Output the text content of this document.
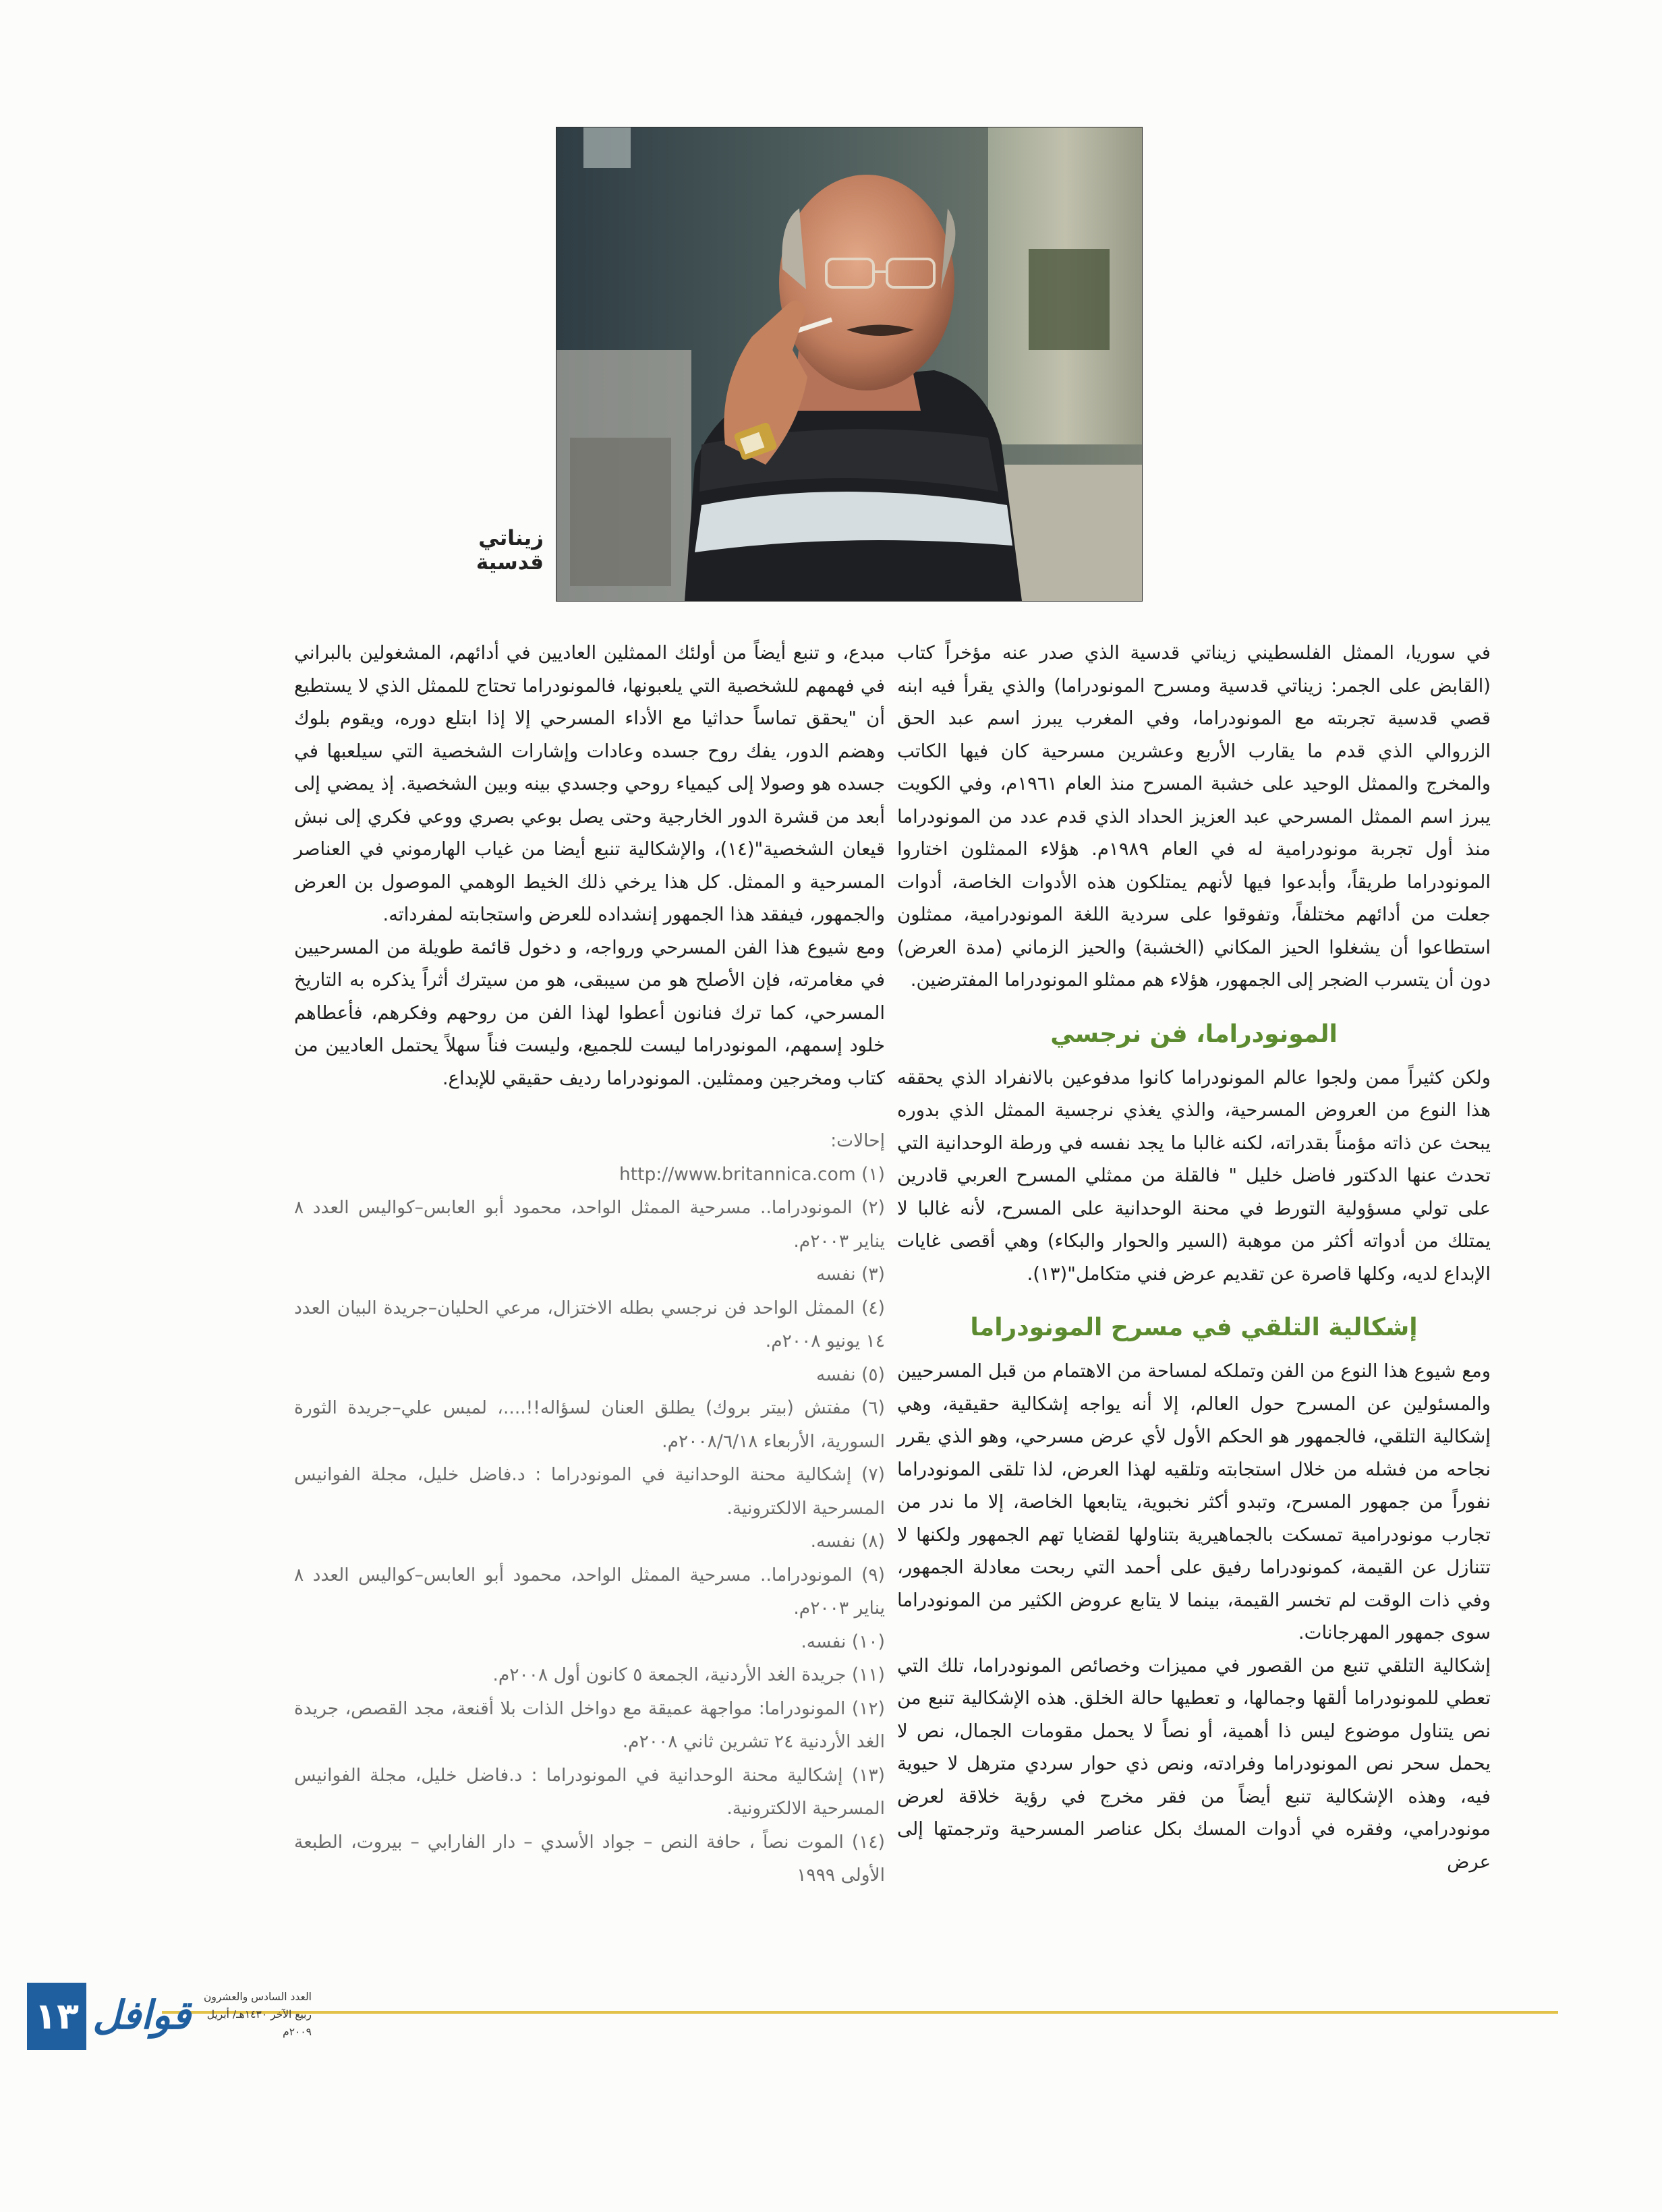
زيناتي قدسية

في سوريا، الممثل الفلسطيني زيناتي قدسية الذي صدر عنه مؤخراً كتاب (القابض على الجمر: زيناتي قدسية ومسرح المونودراما) والذي يقرأ فيه ابنه قصي قدسية تجربته مع المونودراما، وفي المغرب يبرز اسم عبد الحق الزروالي الذي قدم ما يقارب الأربع وعشرين مسرحية كان فيها الكاتب والمخرج والممثل الوحيد على خشبة المسرح منذ العام ١٩٦١م، وفي الكويت يبرز اسم الممثل المسرحي عبد العزيز الحداد الذي قدم عدد من المونودراما منذ أول تجربة مونودرامية له في العام ١٩٨٩م. هؤلاء الممثلون اختاروا المونودراما طريقاً، وأبدعوا فيها لأنهم يمتلكون هذه الأدوات الخاصة، أدوات جعلت من أدائهم مختلفاً، وتفوقوا على سردية اللغة المونودرامية، ممثلون استطاعوا أن يشغلوا الحيز المكاني (الخشبة) والحيز الزماني (مدة العرض) دون أن يتسرب الضجر إلى الجمهور، هؤلاء هم ممثلو المونودراما المفترضين.

المونودراما، فن نرجسي

ولكن كثيراً ممن ولجوا عالم المونودراما كانوا مدفوعين بالانفراد الذي يحققه هذا النوع من العروض المسرحية، والذي يغذي نرجسية الممثل الذي بدوره يبحث عن ذاته مؤمناً بقدراته، لكنه غالبا ما يجد نفسه في ورطة الوحدانية التي تحدث عنها الدكتور فاضل خليل " فالقلة من ممثلي المسرح العربي قادرين على تولي مسؤولية التورط في محنة الوحدانية على المسرح، لأنه غالبا لا يمتلك من أدواته أكثر من موهبة (السير والحوار والبكاء) وهي أقصى غايات الإبداع لديه، وكلها قاصرة عن تقديم عرض فني متكامل"(١٣).

إشكالية التلقي في مسرح المونودراما

ومع شيوع هذا النوع من الفن وتملكه لمساحة من الاهتمام من قبل المسرحيين والمسئولين عن المسرح حول العالم، إلا أنه يواجه إشكالية حقيقية، وهي إشكالية التلقي، فالجمهور هو الحكم الأول لأي عرض مسرحي، وهو الذي يقرر نجاحه من فشله من خلال استجابته وتلقيه لهذا العرض، لذا تلقى المونودراما نفوراً من جمهور المسرح، وتبدو أكثر نخبوية، يتابعها الخاصة، إلا ما ندر من تجارب مونودرامية تمسكت بالجماهيرية بتناولها لقضايا تهم الجمهور ولكنها لا تتنازل عن القيمة، كمونودراما رفيق على أحمد التي ربحت معادلة الجمهور، وفي ذات الوقت لم تخسر القيمة، بينما لا يتابع عروض الكثير من المونودراما سوى جمهور المهرجانات.

إشكالية التلقي تنبع من القصور في مميزات وخصائص المونودراما، تلك التي تعطي للمونودراما ألقها وجمالها، و تعطيها حالة الخلق. هذه الإشكالية تنبع من نص يتناول موضوع ليس ذا أهمية، أو نصاً لا يحمل مقومات الجمال، نص لا يحمل سحر نص المونودراما وفرادته، ونص ذي حوار سردي مترهل لا حيوية فيه، وهذه الإشكالية تنبع أيضاً من فقر مخرج في رؤية خلاقة لعرض مونودرامي، وفقره في أدوات المسك بكل عناصر المسرحية وترجمتها إلى عرض

مبدع، و تنبع أيضاً من أولئك الممثلين العاديين في أدائهم، المشغولين بالبراني في فهمهم للشخصية التي يلعبونها، فالمونودراما تحتاج للممثل الذي لا يستطيع أن "يحقق تماساً حداثيا مع الأداء المسرحي إلا إذا ابتلع دوره، ويقوم بلوك وهضم الدور، يفك روح جسده وعادات وإشارات الشخصية التي سيلعبها في جسده هو وصولا إلى كيمياء روحي وجسدي بينه وبين الشخصية. إذ يمضي إلى أبعد من قشرة الدور الخارجية وحتى يصل بوعي بصري ووعي فكري إلى نبش قيعان الشخصية"(١٤)، والإشكالية تنبع أيضا من غياب الهارموني في العناصر المسرحية و الممثل. كل هذا يرخي ذلك الخيط الوهمي الموصول بن العرض والجمهور، فيفقد هذا الجمهور إنشداده للعرض واستجابته لمفرداته.

ومع شيوع هذا الفن المسرحي ورواجه، و دخول قائمة طويلة من المسرحيين في مغامرته، فإن الأصلح هو من سيبقى، هو من سيترك أثراً يذكره به التاريخ المسرحي، كما ترك فنانون أعطوا لهذا الفن من روحهم وفكرهم، فأعطاهم خلود إسمهم، المونودراما ليست للجميع، وليست فناً سهلاً يحتمل العاديين من كتاب ومخرجين وممثلين. المونودراما رديف حقيقي للإبداع.

إحالات:
(١) http://www.britannica.com
(٢) المونودراما.. مسرحية الممثل الواحد، محمود أبو العابس–كواليس العدد ٨ يناير ٢٠٠٣م.
(٣) نفسه
(٤) الممثل الواحد فن نرجسي بطله الاختزال، مرعي الحليان–جريدة البيان العدد ١٤ يونيو ٢٠٠٨م.
(٥) نفسه
(٦) مفتش (بيتر بروك) يطلق العنان لسؤاله!!....، لميس علي–جريدة الثورة السورية، الأربعاء ٢٠٠٨/٦/١٨م.
(٧) إشكالية محنة الوحدانية في المونودراما : د.فاضل خليل، مجلة الفوانيس المسرحية الالكترونية.
(٨) نفسه.
(٩) المونودراما.. مسرحية الممثل الواحد، محمود أبو العابس–كواليس العدد ٨ يناير ٢٠٠٣م.
(١٠) نفسه.
(١١) جريدة الغد الأردنية، الجمعة ٥ كانون أول ٢٠٠٨م.
(١٢) المونودراما: مواجهة عميقة مع دواخل الذات بلا أقنعة، مجد القصص، جريدة الغد الأردنية ٢٤ تشرين ثاني ٢٠٠٨م.
(١٣) إشكالية محنة الوحدانية في المونودراما : د.فاضل خليل، مجلة الفوانيس المسرحية الالكترونية.
(١٤) الموت نصاً ، حافة النص – جواد الأسدي – دار الفارابي – بيروت، الطبعة الأولى ١٩٩٩
١٣ قوافل	العدد السادس والعشرون
ربيع الآخر ١٤٣٠هـ/ أبريل ٢٠٠٩م
